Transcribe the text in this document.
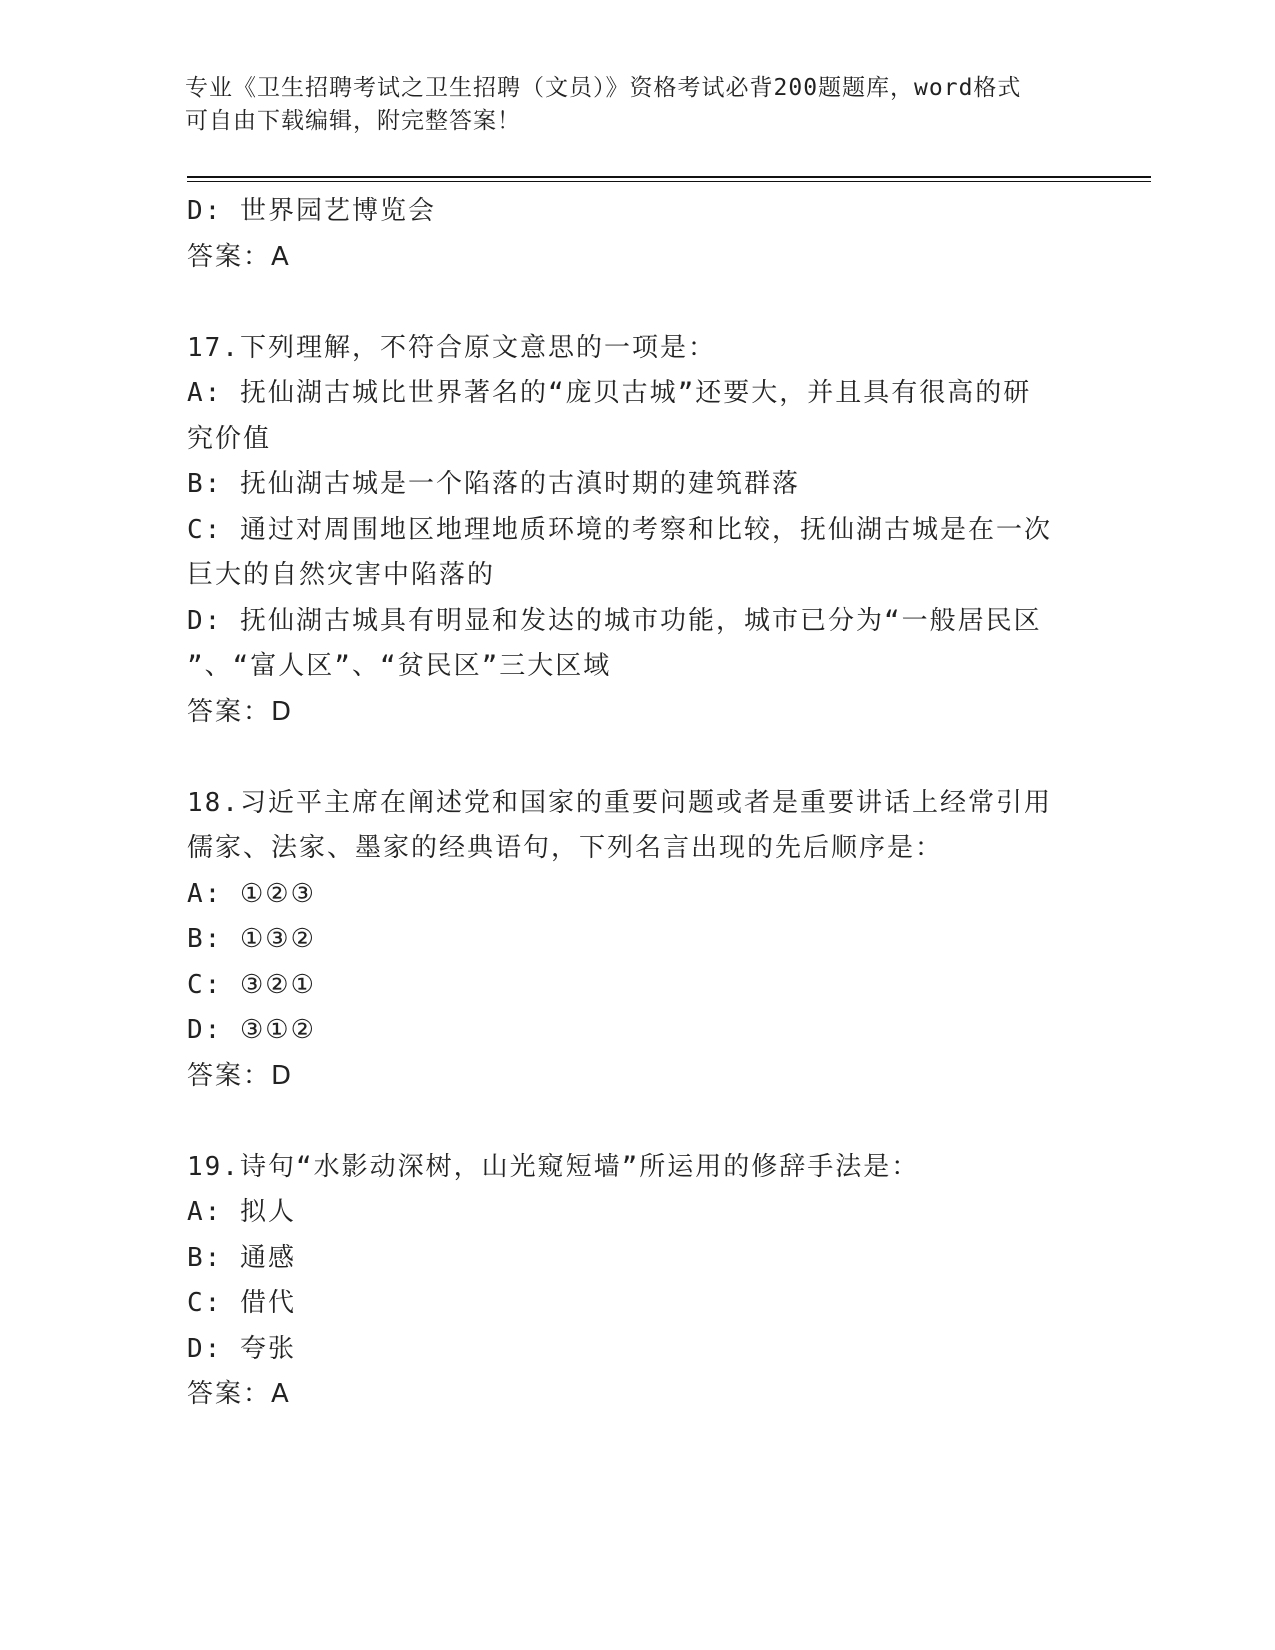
专业《卫生招聘考试之卫生招聘（文员）》资格考试必背200题题库，word格式
可自由下载编辑，附完整答案！
D: 世界园艺博览会
答案：A
17.下列理解，不符合原文意思的一项是：
A: 抚仙湖古城比世界著名的“庞贝古城”还要大，并且具有很高的研
究价值
B: 抚仙湖古城是一个陷落的古滇时期的建筑群落
C: 通过对周围地区地理地质环境的考察和比较，抚仙湖古城是在一次
巨大的自然灾害中陷落的
D: 抚仙湖古城具有明显和发达的城市功能，城市已分为“一般居民区
”、“富人区”、“贫民区”三大区域
答案：D
18.习近平主席在阐述党和国家的重要问题或者是重要讲话上经常引用
儒家、法家、墨家的经典语句，下列名言出现的先后顺序是：
A: ①②③
B: ①③②
C: ③②①
D: ③①②
答案：D
19.诗句“水影动深树，山光窥短墙”所运用的修辞手法是：
A: 拟人
B: 通感
C: 借代
D: 夸张
答案：A
